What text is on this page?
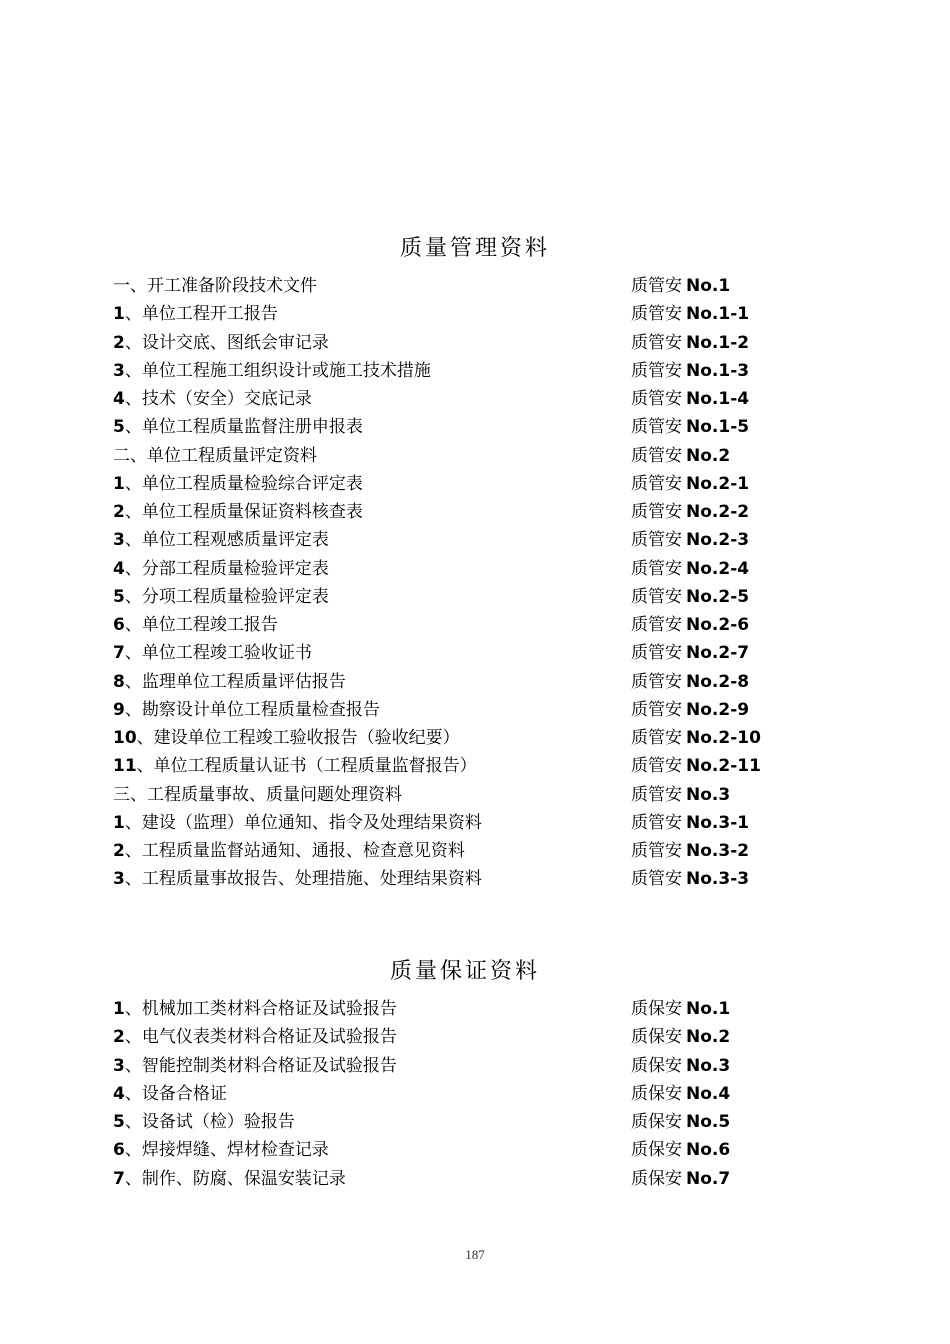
质量管理资料
一、开工准备阶段技术文件	质管安 No.1
1、单位工程开工报告	质管安 No.1-1
2、设计交底、图纸会审记录	质管安 No.1-2
3、单位工程施工组织设计或施工技术措施	质管安 No.1-3
4、技术（安全）交底记录	质管安 No.1-4
5、单位工程质量监督注册申报表	质管安 No.1-5
二、单位工程质量评定资料	质管安 No.2
1、单位工程质量检验综合评定表	质管安 No.2-1
2、单位工程质量保证资料核查表	质管安 No.2-2
3、单位工程观感质量评定表	质管安 No.2-3
4、分部工程质量检验评定表	质管安 No.2-4
5、分项工程质量检验评定表	质管安 No.2-5
6、单位工程竣工报告	质管安 No.2-6
7、单位工程竣工验收证书	质管安 No.2-7
8、监理单位工程质量评估报告	质管安 No.2-8
9、勘察设计单位工程质量检查报告	质管安 No.2-9
10、建设单位工程竣工验收报告（验收纪要）	质管安 No.2-10
11、单位工程质量认证书（工程质量监督报告）	质管安 No.2-11
三、工程质量事故、质量问题处理资料	质管安 No.3
1、建设（监理）单位通知、指令及处理结果资料	质管安 No.3-1
2、工程质量监督站通知、通报、检查意见资料	质管安 No.3-2
3、工程质量事故报告、处理措施、处理结果资料	质管安 No.3-3
质量保证资料
1、机械加工类材料合格证及试验报告	质保安 No.1
2、电气仪表类材料合格证及试验报告	质保安 No.2
3、智能控制类材料合格证及试验报告	质保安 No.3
4、设备合格证	质保安 No.4
5、设备试（检）验报告	质保安 No.5
6、焊接焊缝、焊材检查记录	质保安 No.6
7、制作、防腐、保温安装记录	质保安 No.7
187
